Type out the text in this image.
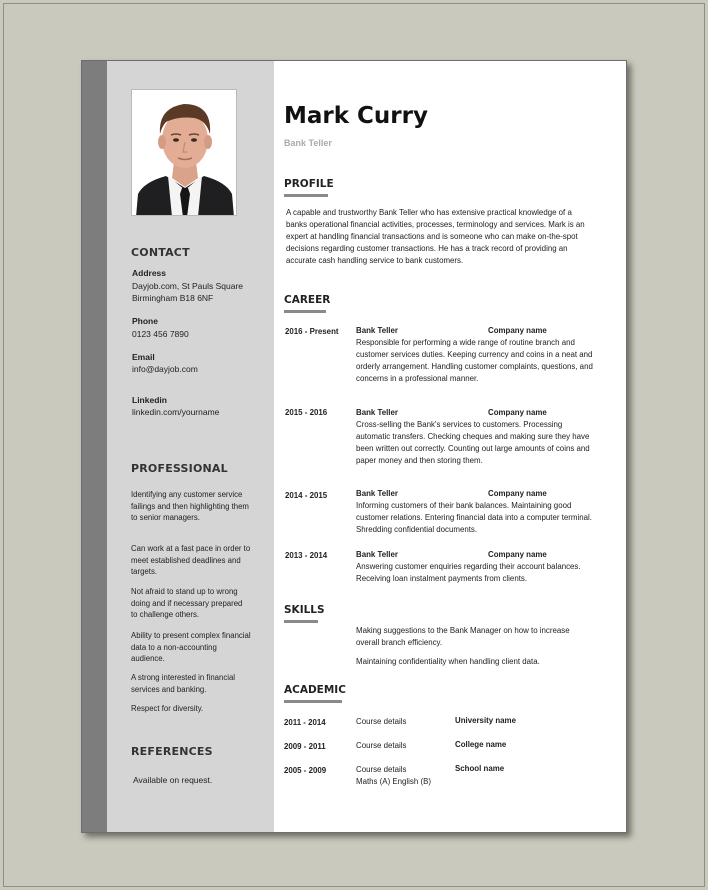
CONTACT
Address
Dayjob.com, St Pauls Square
Birmingham B18 6NF
Phone
0123 456 7890
Email
info@dayjob.com
Linkedin
linkedin.com/yourname
PROFESSIONAL
Identifying any customer service failings and then highlighting them to senior managers.
Can work at a fast pace in order to meet established deadlines and targets.
Not afraid to stand up to wrong doing and if necessary prepared to challenge others.
Ability to present complex financial data to a non-accounting audience.
A strong interested in financial services and banking.
Respect for diversity.
REFERENCES
Available on request.
Mark Curry
Bank Teller
PROFILE
A capable and trustworthy Bank Teller who has extensive practical knowledge of a banks operational financial activities, processes, terminology and services. Mark is an expert at handling financial transactions and is someone who can make on-the-spot decisions regarding customer transactions. He has a track record of providing an accurate cash handling service to bank customers.
CAREER
2016 - Present Bank Teller	Company name
Responsible for performing a wide range of routine branch and customer services duties. Keeping currency and coins in a neat and orderly arrangement. Handling customer complaints, questions, and concerns in a professional manner.
2015 - 2016	Bank Teller	Company name
Cross-selling the Bank's services to customers. Processing automatic transfers. Checking cheques and making sure they have been written out correctly. Counting out large amounts of coins and paper money and then storing them.
2014 - 2015	Bank Teller	Company name
Informing customers of their bank balances. Maintaining good customer relations. Entering financial data into a computer terminal. Shredding confidential documents.
2013 - 2014	Bank Teller	Company name
Answering customer enquiries regarding their account balances. Receiving loan instalment payments from clients.
SKILLS
Making suggestions to the Bank Manager on how to increase overall branch efficiency.
Maintaining confidentiality when handling client data.
ACADEMIC
2011 - 2014	Course details	University name
2009 - 2011	Course details	College name
2005 - 2009	Course details	School name
Maths (A) English (B)
